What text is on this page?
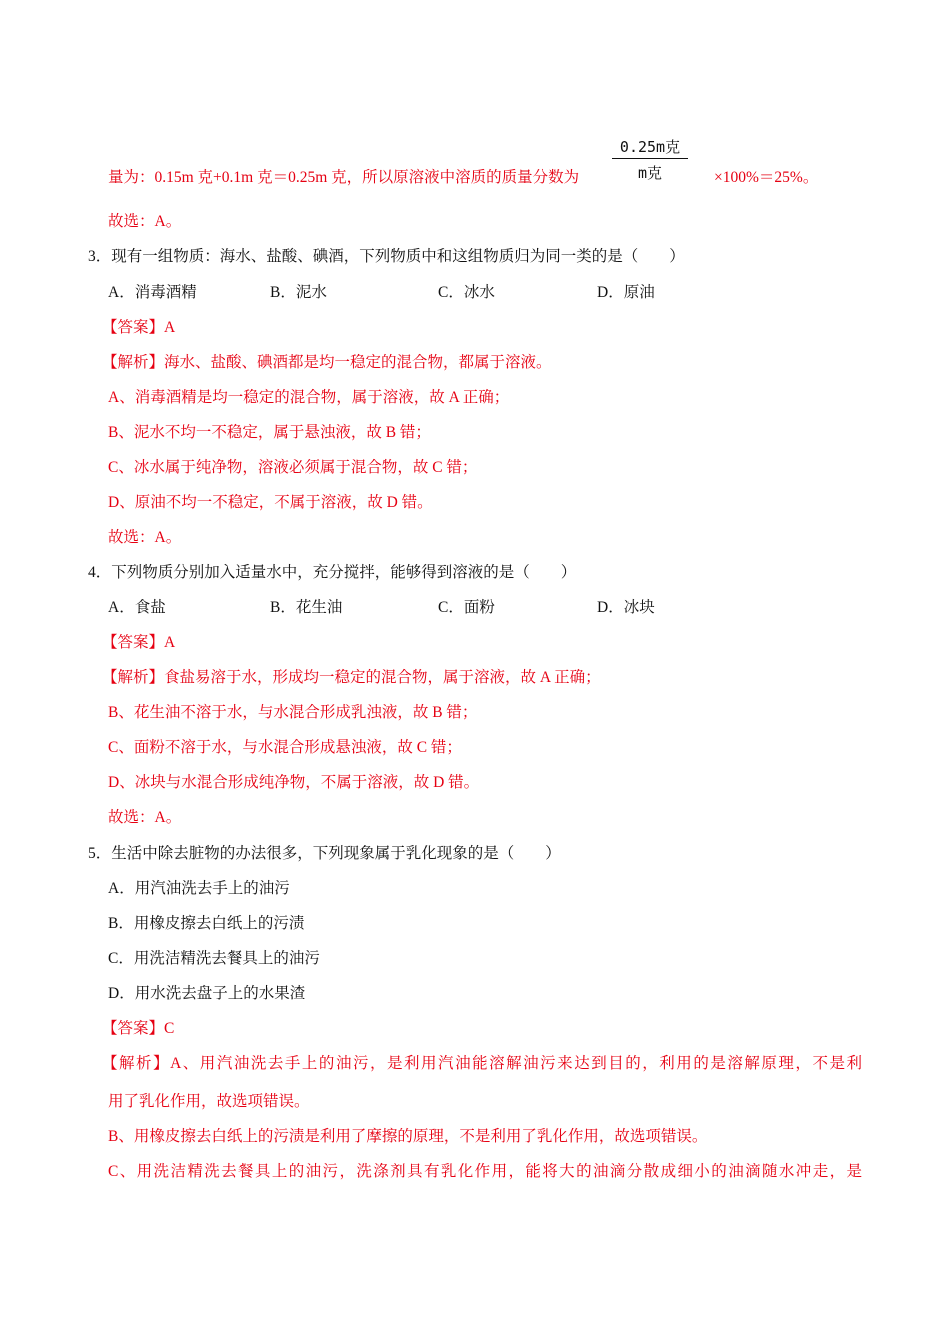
0.25m克
m克
量为：0.15m 克+0.1m 克＝0.25m 克，所以原溶液中溶质的质量分数为	×100%＝25%。
故选：A。
3．现有一组物质：海水、盐酸、碘酒，下列物质中和这组物质归为同一类的是（　　）
A．消毒酒精	B．泥水	C．冰水	D．原油
【答案】A
【解析】海水、盐酸、碘酒都是均一稳定的混合物，都属于溶液。
A、消毒酒精是均一稳定的混合物，属于溶液，故 A 正确；
B、泥水不均一不稳定，属于悬浊液，故 B 错；
C、冰水属于纯净物，溶液必须属于混合物，故 C 错；
D、原油不均一不稳定，不属于溶液，故 D 错。
故选：A。
4．下列物质分别加入适量水中，充分搅拌，能够得到溶液的是（　　）
A．食盐	B．花生油	C．面粉	D．冰块
【答案】A
【解析】食盐易溶于水，形成均一稳定的混合物，属于溶液，故 A 正确；
B、花生油不溶于水，与水混合形成乳浊液，故 B 错；
C、面粉不溶于水，与水混合形成悬浊液，故 C 错；
D、冰块与水混合形成纯净物，不属于溶液，故 D 错。
故选：A。
5．生活中除去脏物的办法很多，下列现象属于乳化现象的是（　　）
A．用汽油洗去手上的油污
B．用橡皮擦去白纸上的污渍
C．用洗洁精洗去餐具上的油污
D．用水洗去盘子上的水果渣
【答案】C
【解析】A、用汽油洗去手上的油污，是利用汽油能溶解油污来达到目的，利用的是溶解原理，不是利
用了乳化作用，故选项错误。
B、用橡皮擦去白纸上的污渍是利用了摩擦的原理，不是利用了乳化作用，故选项错误。
C、用洗洁精洗去餐具上的油污，洗涤剂具有乳化作用，能将大的油滴分散成细小的油滴随水冲走，是
